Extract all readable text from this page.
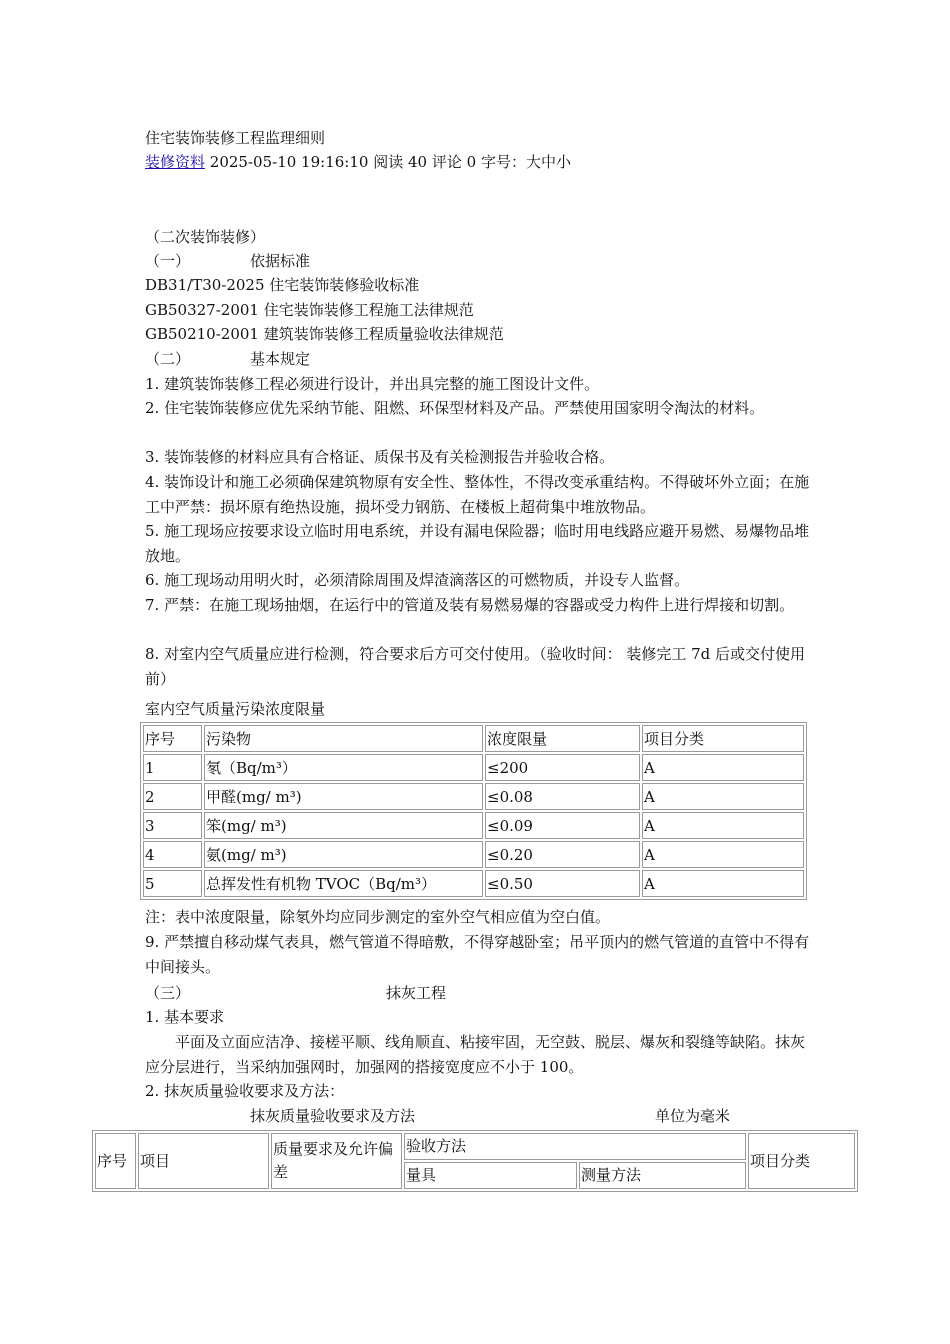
住宅装饰装修工程监理细则
装修资料 2025-05-10 19:16:10 阅读 40 评论 0 字号：大中小
（二次装饰装修）
（一）	依据标准
DB31/T30-2025 住宅装饰装修验收标准
GB50327-2001 住宅装饰装修工程施工法律规范
GB50210-2001 建筑装饰装修工程质量验收法律规范
（二）	基本规定
1. 建筑装饰装修工程必须进行设计，并出具完整的施工图设计文件。
2. 住宅装饰装修应优先采纳节能、阻燃、环保型材料及产品。严禁使用国家明令淘汰的材料。
3. 装饰装修的材料应具有合格证、质保书及有关检测报告并验收合格。
4. 装饰设计和施工必须确保建筑物原有安全性、整体性，不得改变承重结构。不得破坏外立面；在施工中严禁：损坏原有绝热设施，损坏受力钢筋、在楼板上超荷集中堆放物品。
5. 施工现场应按要求设立临时用电系统，并设有漏电保险器；临时用电线路应避开易燃、易爆物品堆放地。
6. 施工现场动用明火时，必须清除周围及焊渣滴落区的可燃物质，并设专人监督。
7. 严禁：在施工现场抽烟，在运行中的管道及装有易燃易爆的容器或受力构件上进行焊接和切割。
8. 对室内空气质量应进行检测，符合要求后方可交付使用。（验收时间： 装修完工 7d 后或交付使用前）
室内空气质量污染浓度限量
序号	污染物	浓度限量	项目分类
1	氡（Bq/m³）	≤200	A
2	甲醛(mg/ m³)	≤0.08	A
3	笨(mg/ m³)	≤0.09	A
4	氨(mg/ m³)	≤0.20	A
5	总挥发性有机物 TVOC（Bq/m³）	≤0.50	A
注：表中浓度限量，除氡外均应同步测定的室外空气相应值为空白值。
9. 严禁擅自移动煤气表具，燃气管道不得暗敷，不得穿越卧室；吊平顶内的燃气管道的直管中不得有中间接头。
（三）	抹灰工程
1. 基本要求
平面及立面应洁净、接槎平顺、线角顺直、粘接牢固，无空鼓、脱层、爆灰和裂缝等缺陷。抹灰应分层进行，当采纳加强网时，加强网的搭接宽度应不小于 100。
2. 抹灰质量验收要求及方法：
抹灰质量验收要求及方法	单位为毫米
序号	项目	质量要求及允许偏差	验收方法		项目分类
			量具	测量方法	
